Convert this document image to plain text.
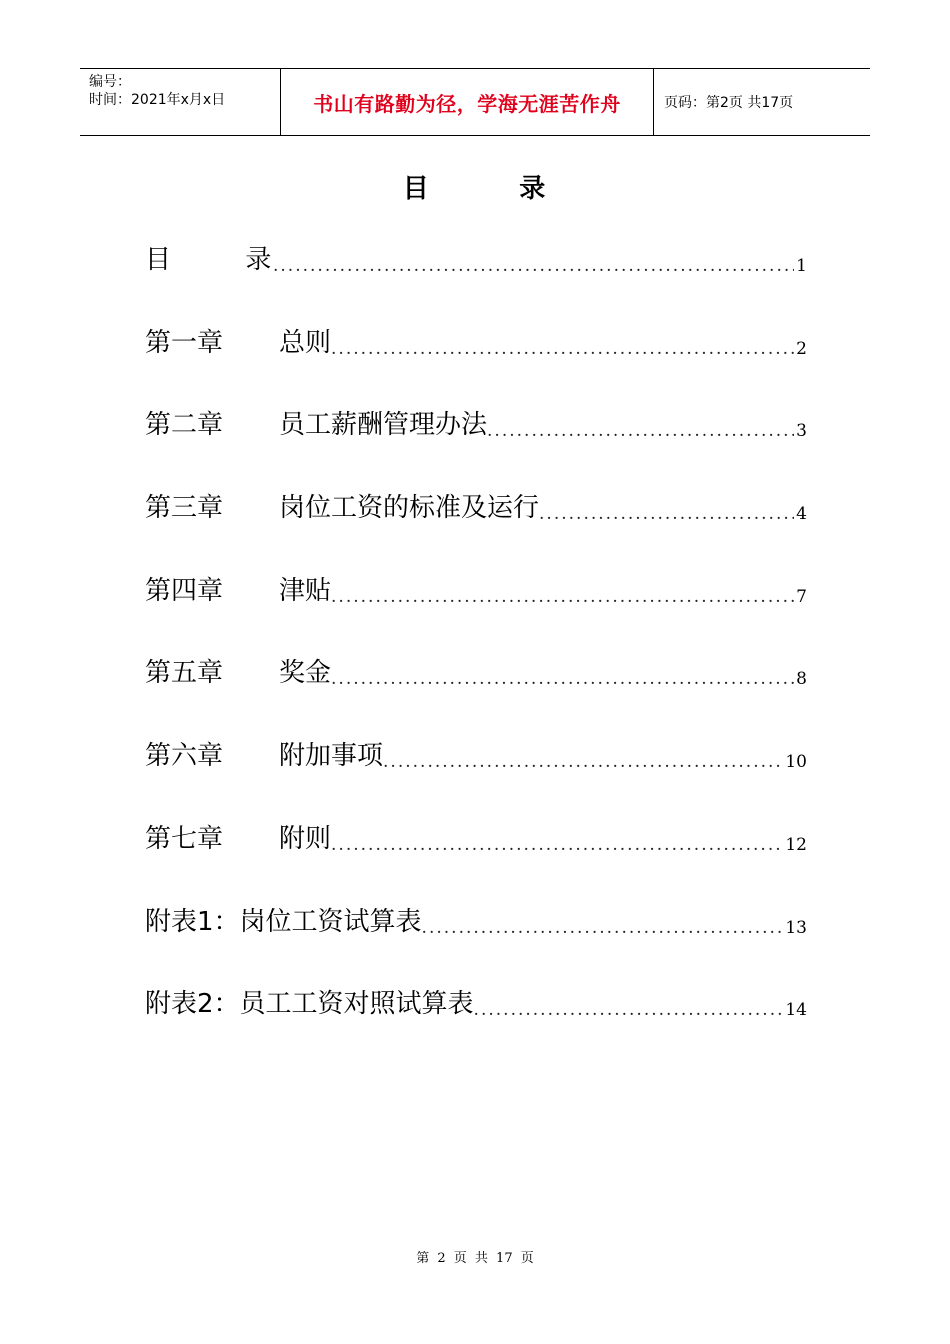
编号：
时间：2021年x月x日	书山有路勤为径，学海无涯苦作舟	页码：第2页 共17页
目        录
目         录 .....	1
第一章	总则 .....	2
第二章	员工薪酬管理办法 .....	3
第三章	岗位工资的标准及运行 .....	4
第四章	津贴 .....	7
第五章	奖金 .....	8
第六章	附加事项 .....	10
第七章	附则 .....	12
附表1：岗位工资试算表 .....	13
附表2：员工工资对照试算表 .....	14
第 2 页 共 17 页
